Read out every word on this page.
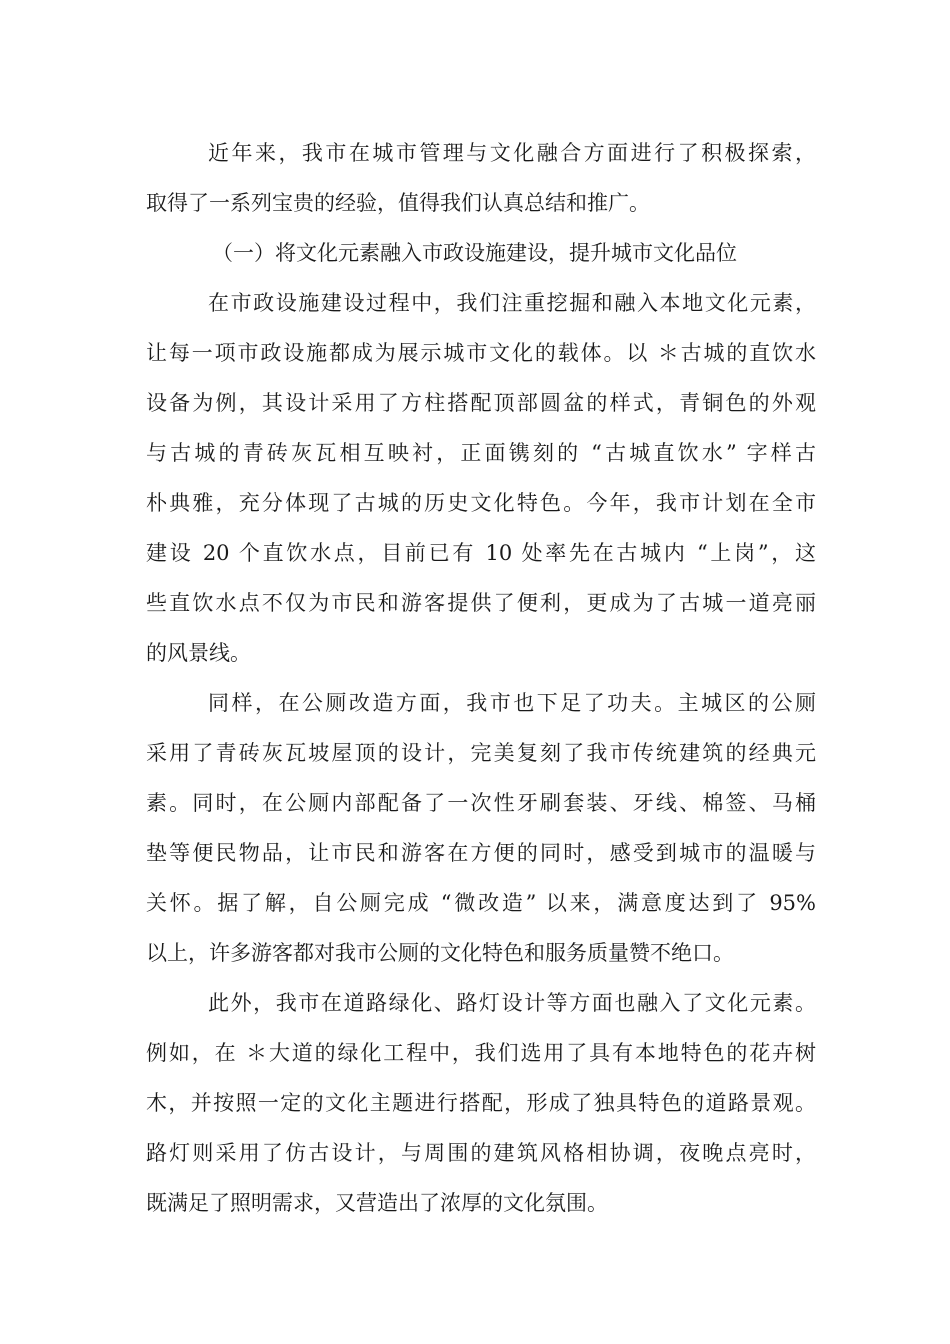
近年来，我市在城市管理与文化融合方面进行了积极探索，
取得了一系列宝贵的经验，值得我们认真总结和推广。
（一）将文化元素融入市政设施建设，提升城市文化品位
在市政设施建设过程中，我们注重挖掘和融入本地文化元素，
让每一项市政设施都成为展示城市文化的载体。以 ＊古城的直饮水
设备为例，其设计采用了方柱搭配顶部圆盆的样式，青铜色的外观
与古城的青砖灰瓦相互映衬，正面镌刻的 “古城直饮水” 字样古
朴典雅，充分体现了古城的历史文化特色。今年，我市计划在全市
建设 20 个直饮水点，目前已有 10 处率先在古城内 “上岗”，这
些直饮水点不仅为市民和游客提供了便利，更成为了古城一道亮丽
的风景线。
同样，在公厕改造方面，我市也下足了功夫。主城区的公厕
采用了青砖灰瓦坡屋顶的设计，完美复刻了我市传统建筑的经典元
素。同时，在公厕内部配备了一次性牙刷套装、牙线、棉签、马桶
垫等便民物品，让市民和游客在方便的同时，感受到城市的温暖与
关怀。据了解，自公厕完成 “微改造” 以来，满意度达到了 95%
以上，许多游客都对我市公厕的文化特色和服务质量赞不绝口。
此外，我市在道路绿化、路灯设计等方面也融入了文化元素。
例如，在 ＊大道的绿化工程中，我们选用了具有本地特色的花卉树
木，并按照一定的文化主题进行搭配，形成了独具特色的道路景观。
路灯则采用了仿古设计，与周围的建筑风格相协调，夜晚点亮时，
既满足了照明需求，又营造出了浓厚的文化氛围。
